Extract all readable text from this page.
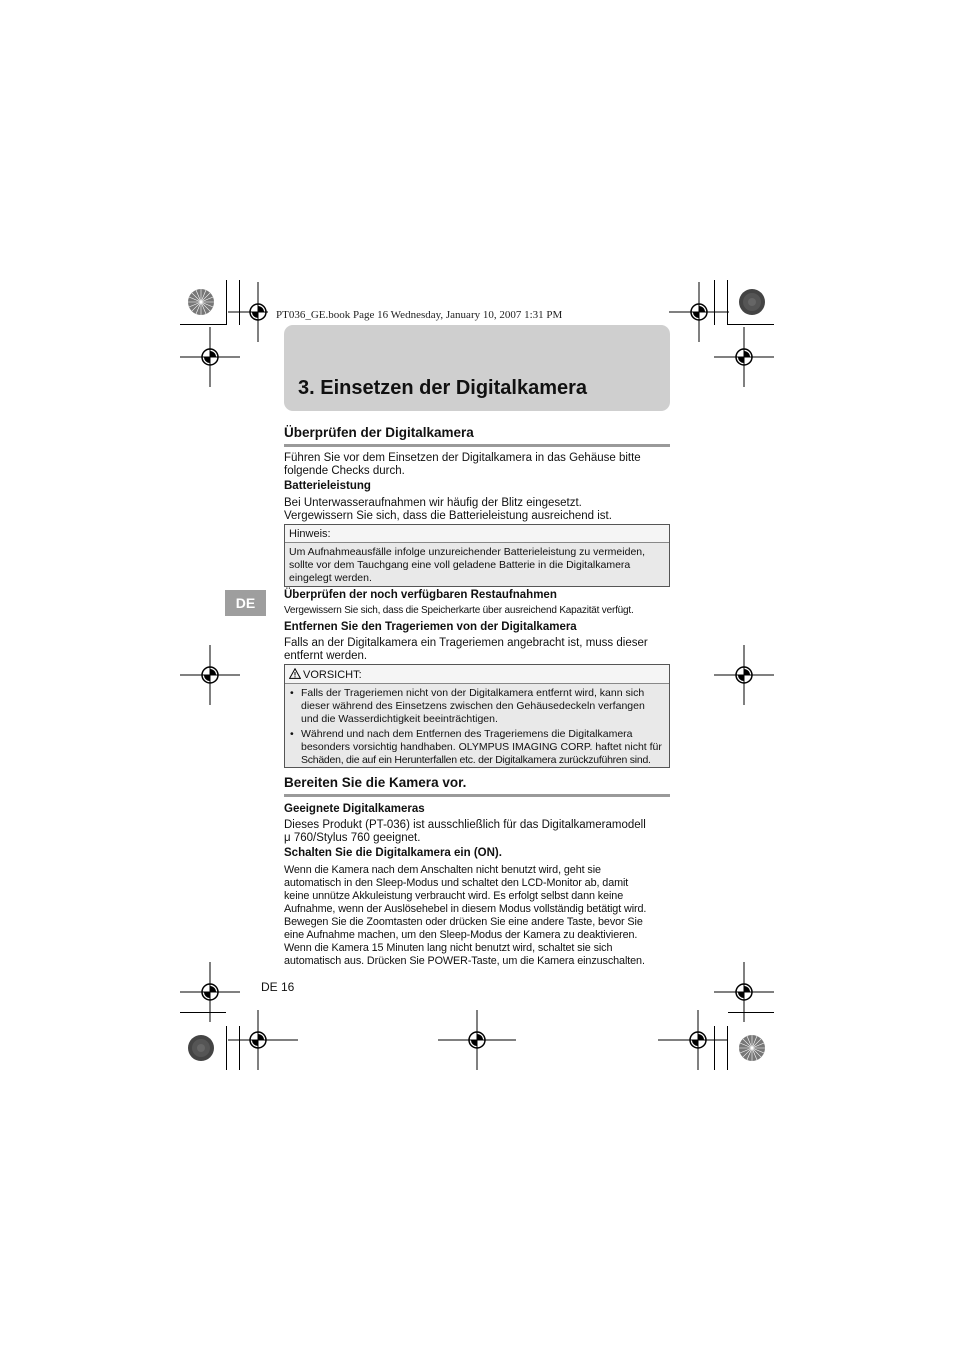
PT036_GE.book Page 16 Wednesday, January 10, 2007 1:31 PM
3. Einsetzen der Digitalkamera
DE
Überprüfen der Digitalkamera
Führen Sie vor dem Einsetzen der Digitalkamera in das Gehäuse bitte
folgende Checks durch.
Batterieleistung
Bei Unterwasseraufnahmen wir häufig der Blitz eingesetzt.
Vergewissern Sie sich, dass die Batterieleistung ausreichend ist.
Hinweis:
Um Aufnahmeausfälle infolge unzureichender Batterieleistung zu vermeiden,
sollte vor dem Tauchgang eine voll geladene Batterie in die Digitalkamera
eingelegt werden.
Überprüfen der noch verfügbaren Restaufnahmen
Vergewissern Sie sich, dass die Speicherkarte über ausreichend Kapazität verfügt.
Entfernen Sie den Trageriemen von der Digitalkamera
Falls an der Digitalkamera ein Trageriemen angebracht ist, muss dieser
entfernt werden.
VORSICHT:
• Falls der Trageriemen nicht von der Digitalkamera entfernt wird, kann sich
dieser während des Einsetzens zwischen den Gehäusedeckeln verfangen
und die Wasserdichtigkeit beeinträchtigen.
• Während und nach dem Entfernen des Trageriemens die Digitalkamera
besonders vorsichtig handhaben. OLYMPUS IMAGING CORP. haftet nicht für
Schäden, die auf ein Herunterfallen etc. der Digitalkamera zurückzuführen sind.
Bereiten Sie die Kamera vor.
Geeignete Digitalkameras
Dieses Produkt (PT-036) ist ausschließlich für das Digitalkameramodell
μ 760/Stylus 760 geeignet.
Schalten Sie die Digitalkamera ein (ON).
Wenn die Kamera nach dem Anschalten nicht benutzt wird, geht sie
automatisch in den Sleep-Modus und schaltet den LCD-Monitor ab, damit
keine unnütze Akkuleistung verbraucht wird. Es erfolgt selbst dann keine
Aufnahme, wenn der Auslösehebel in diesem Modus vollständig betätigt wird.
Bewegen Sie die Zoomtasten oder drücken Sie eine andere Taste, bevor Sie
eine Aufnahme machen, um den Sleep-Modus der Kamera zu deaktivieren.
Wenn die Kamera 15 Minuten lang nicht benutzt wird, schaltet sie sich
automatisch aus. Drücken Sie POWER-Taste, um die Kamera einzuschalten.
DE 16
